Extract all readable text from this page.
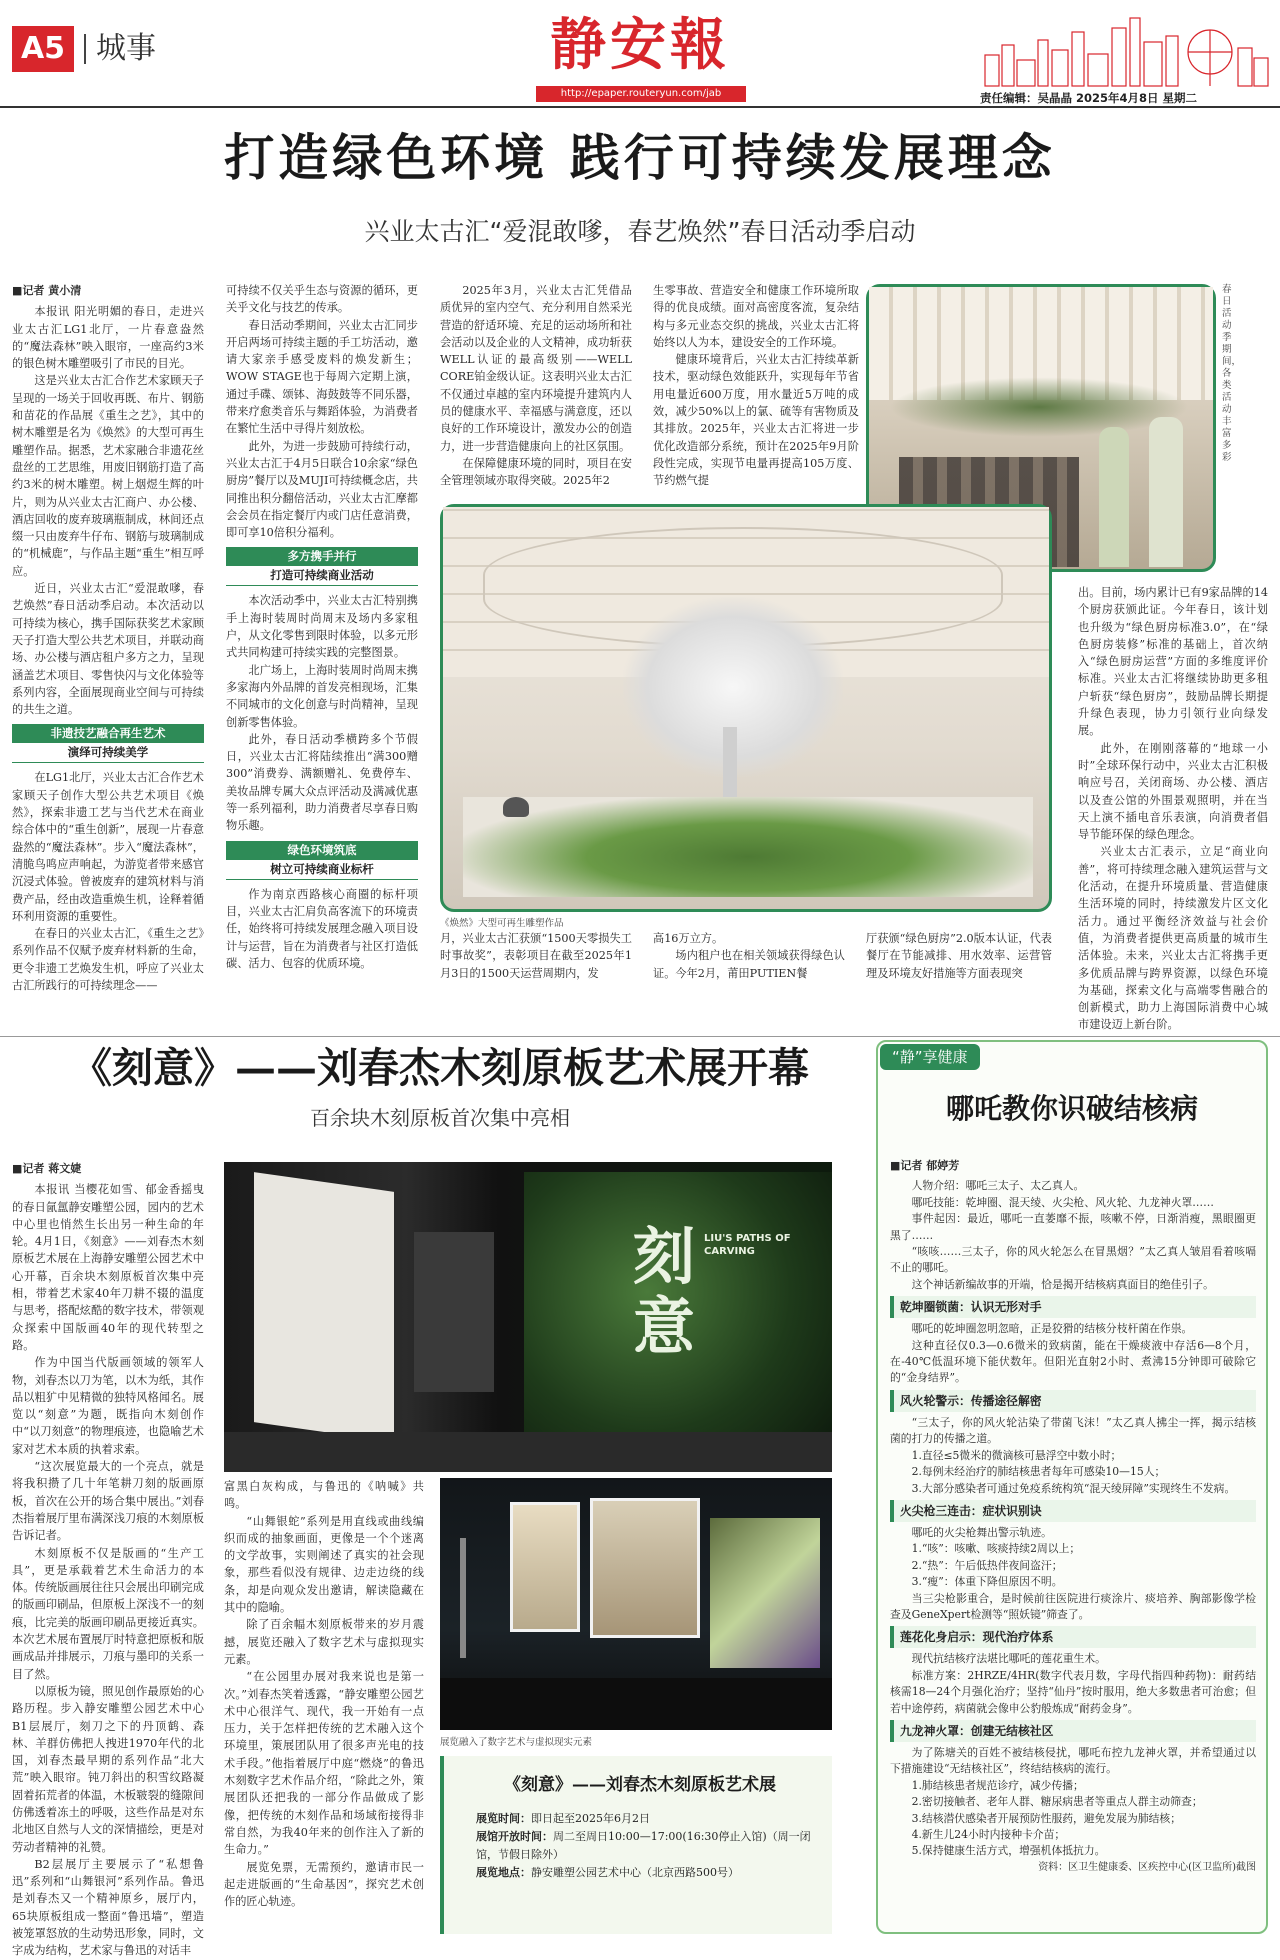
A5 城事	静安報
http://epaper.routeryun.com/jab	责任编辑：吴晶晶 2025年4月8日 星期二
打造绿色环境 践行可持续发展理念
兴业太古汇“爱混敢嗲，春艺焕然”春日活动季启动
■记者 黄小清

本报讯 阳光明媚的春日，走进兴业太古汇LG1北厅，一片春意盎然的“魔法森林”映入眼帘，一座高约3米的银色树木雕塑吸引了市民的目光。

这是兴业太古汇合作艺术家顾天子呈现的一场关于回收再既、布片、钢筋和苗花的作品展《重生之艺》，其中的树木雕塑是名为《焕然》的大型可再生雕塑作品。据悉，艺术家融合非遗花丝盘丝的工艺思维，用废旧钢筋打造了高约3米的树木雕塑。树上烟煜生辉的叶片，则为从兴业太古汇商户、办公楼、酒店回收的废弃玻璃瓶制成，林间还点缀一只由废弃牛仔布、钢筋与玻璃制成的“机械鹿”，与作品主题“重生”相互呼应。

近日，兴业太古汇“爱混敢嗲，春艺焕然”春日活动季启动。本次活动以可持续为核心，携手国际获奖艺术家顾天子打造大型公共艺术项目，并联动商场、办公楼与酒店租户多方之力，呈现涵盖艺术项目、零售快闪与文化体验等系列内容，全面展现商业空间与可持续的共生之道。

非遗技艺融合再生艺术
演绎可持续美学

在LG1北厅，兴业太古汇合作艺术家顾天子创作大型公共艺术项目《焕然》，探索非遗工艺与当代艺术在商业综合体中的“重生创新”，展现一片春意盎然的“魔法森林”。步入“魔法森林”，清脆鸟鸣应声响起，为游览者带来感官沉浸式体验。曾被废弃的建筑材料与消费产品，经由改造重焕生机，诠释着循环利用资源的重要性。

在春日的兴业太古汇，《重生之艺》系列作品不仅赋予废弃材料新的生命，更令非遗工艺焕发生机，呼应了兴业太古汇所践行的可持续理念——

可持续不仅关乎生态与资源的循环，更关乎文化与技艺的传承。

春日活动季期间，兴业太古汇同步开启两场可持续主题的手工坊活动，邀请大家亲手感受废料的焕发新生；WOW STAGE也于每周六定期上演，通过手碟、颂钵、海鼓鼓等不同乐器，带来疗愈类音乐与舞蹈体验，为消费者在繁忙生活中寻得片刻放松。

此外，为进一步鼓励可持续行动，兴业太古汇于4月5日联合10余家“绿色厨房”餐厅以及MUJI可持续概念店，共同推出积分翻倍活动，兴业太古汇摩都会会员在指定餐厅内或门店任意消费，即可享10倍积分福利。

多方携手并行
打造可持续商业活动

本次活动季中，兴业太古汇特别携手上海时装周时尚周末及场内多家租户，从文化零售到限时体验，以多元形式共同构建可持续实践的完整图景。

北广场上，上海时装周时尚周末携多家海内外品牌的首发亮相现场，汇集不同城市的文化创意与时尚精神，呈现创新零售体验。

此外，春日活动季横跨多个节假日，兴业太古汇将陆续推出“满300赠300”消费券、满额赠礼、免费停车、美妆品牌专属大众点评活动及满减优惠等一系列福利，助力消费者尽享春日购物乐趣。

绿色环境筑底
树立可持续商业标杆

作为南京西路核心商圈的标杆项目，兴业太古汇肩负高客流下的环境责任，始终将可持续发展理念融入项目设计与运营，旨在为消费者与社区打造低碳、活力、包容的优质环境。

2025年3月，兴业太古汇凭借品质优异的室内空气、充分利用自然采光营造的舒适环境、充足的运动场所和社会活动以及企业的人文精神，成功斩获WELL认证的最高级别——WELL CORE铂金级认证。这表明兴业太古汇不仅通过卓越的室内环境提升建筑内人员的健康水平、幸福感与满意度，还以良好的工作环境设计，激发办公的创造力，进一步营造健康向上的社区氛围。

在保障健康环境的同时，项目在安全管理领域亦取得突破。2025年2

生零事故、营造安全和健康工作环境所取得的优良成绩。面对高密度客流，复杂结构与多元业态交织的挑战，兴业太古汇将始终以人为本，建设安全的工作环境。

健康环境背后，兴业太古汇持续革新技术，驱动绿色效能跃升，实现每年节省用电量近600万度，用水量近5万吨的成效，减少50%以上的氯、硫等有害物质及其排放。2025年，兴业太古汇将进一步优化改造部分系统，预计在2025年9月阶段性完成，实现节电量再提高105万度、节约燃气提

春日活动季期间，各类活动丰富多彩
《焕然》大型可再生雕塑作品

月，兴业太古汇获颁“1500天零损失工时事故奖”，表彰项目在截至2025年1月3日的1500天运营周期内，发

高16万立方。

场内租户也在相关领域获得绿色认证。今年2月，莆田PUTIEN餐

厅获颁“绿色厨房”2.0版本认证，代表餐厅在节能减排、用水效率、运营管理及环境友好措施等方面表现突

出。目前，场内累计已有9家品牌的14个厨房获颁此证。今年春日，该计划也升级为“绿色厨房标准3.0”，在“绿色厨房装修”标准的基础上，首次纳入“绿色厨房运营”方面的多维度评价标准。兴业太古汇将继续协助更多租户斩获“绿色厨房”，鼓励品牌长期提升绿色表现，协力引领行业向绿发展。

此外，在刚刚落幕的“地球一小时”全球环保行动中，兴业太古汇积极响应号召，关闭商场、办公楼、酒店以及查公馆的外围景观照明，并在当天上演不插电音乐表演，向消费者倡导节能环保的绿色理念。

兴业太古汇表示，立足“商业向善”，将可持续理念融入建筑运营与文化活动，在提升环境质量、营造健康生活环境的同时，持续激发片区文化活力。通过平衡经济效益与社会价值，为消费者提供更高质量的城市生活体验。未来，兴业太古汇将携手更多优质品牌与跨界资源，以绿色环境为基础，探索文化与高端零售融合的创新模式，助力上海国际消费中心城市建设迈上新台阶。

《刻意》——刘春杰木刻原板艺术展开幕
百余块木刻原板首次集中亮相
■记者 蒋文婕

本报讯 当樱花如雪、郁金香摇曳的春日氤氲静安雕塑公园，园内的艺术中心里也悄然生长出另一种生命的年轮。4月1日，《刻意》——刘春杰木刻原板艺术展在上海静安雕塑公园艺术中心开幕，百余块木刻原板首次集中亮相，带着艺术家40年刀耕不辍的温度与思考，搭配炫酷的数字技术，带领观众探索中国版画40年的现代转型之路。

作为中国当代版画领域的领军人物，刘春杰以刀为笔，以木为纸，其作品以粗犷中见精微的独特风格闻名。展览以“刻意”为题，既指向木刻创作中“以刀刻意”的物理痕迹，也隐喻艺术家对艺术本质的执着求索。

“这次展览最大的一个亮点，就是将我积攒了几十年笔耕刀刻的版画原板，首次在公开的场合集中展出。”刘春杰指着展厅里布满深浅刀痕的木刻原板告诉记者。

木刻原板不仅是版画的“生产工具”，更是承载着艺术生命活力的本体。传统版画展往往只会展出印刷完成的版画印刷品，但原板上深浅不一的刻痕，比完美的版画印刷品更接近真实。本次艺术展布置展厅时特意把原板和版画成品并排展示，刀痕与墨印的关系一目了然。

以原板为镜，照见创作最原始的心路历程。步入静安雕塑公园艺术中心B1层展厅，刻刀之下的丹顶鹤、森林、羊群仿佛把人拽进1970年代的北国，刘春杰最早期的系列作品“北大荒”映入眼帘。钝刀斜出的积雪纹路凝固着拓荒者的体温，木板皲裂的缝隙间仿佛透着冻土的呼吸，这些作品是对东北地区自然与人文的深情描绘，更是对劳动者精神的礼赞。

B2层展厅主要展示了“私想鲁迅”系列和“山舞银河”系列作品。鲁迅是刘春杰又一个精神原乡，展厅内，65块原板组成一整面“鲁迅墙”，塑造被笼罩怒放的生动势迅形象，同时，文字成为结构，艺术家与鲁迅的对话丰

刻意
LIU'S PATHS OF CARVING
展览融入了数字艺术与虚拟现实元素

富黑白灰构成，与鲁迅的《呐喊》共鸣。

“山舞银蛇”系列是用直线或曲线编织而成的抽象画面，更像是一个个迷离的文学故事，实则阐述了真实的社会现象，那些看似没有规律、边走边绕的线条，却是向观众发出邀请，解读隐藏在其中的隐喻。

除了百余幅木刻原板带来的岁月震撼，展览还融入了数字艺术与虚拟现实元素。

“在公园里办展对我来说也是第一次。”刘春杰笑着透露，“静安雕塑公园艺术中心很洋气、现代，我一开始有一点压力，关于怎样把传统的艺术融入这个环境里，策展团队用了很多声光电的技术手段。”他指着展厅中庭“燃烧”的鲁迅木刻数字艺术作品介绍，“除此之外，策展团队还把我的一部分作品做成了影像，把传统的木刻作品和场域衔接得非常自然，为我40年来的创作注入了新的生命力。”

展览免票，无需预约，邀请市民一起走进版画的“生命基因”，探究艺术创作的匠心轨迹。

《刻意》——刘春杰木刻原板艺术展
展览时间：即日起至2025年6月2日
展馆开放时间：周二至周日10:00—17:00(16:30停止入馆)（周一闭馆，节假日除外）
展览地点：静安雕塑公园艺术中心（北京西路500号）
“静”享健康
哪吒教你识破结核病
■记者 郁婷芳

人物介绍：哪吒三太子、太乙真人。

哪吒技能：乾坤圈、混天绫、火尖枪、风火轮、九龙神火罩……

事件起因：最近，哪吒一直萎靡不振，咳嗽不停，日渐消瘦，黑眼圈更黑了……

“咳咳……三太子，你的风火轮怎么在冒黑烟？”太乙真人皱眉看着咳嗝不止的哪吒。

这个神话新编故事的开端，恰是揭开结核病真面目的绝佳引子。

乾坤圈锁菌：认识无形对手

哪吒的乾坤圈忽明忽暗，正是狡猾的结核分枝杆菌在作祟。

这种直径仅0.3—0.6微米的致病菌，能在干燥痰液中存活6—8个月，在-40℃低温环境下能伏数年。但阳光直射2小时、煮沸15分钟即可破除它的“金身结界”。

风火轮警示：传播途径解密

“三太子，你的风火轮沾染了带菌飞沫！”太乙真人拂尘一挥，揭示结核菌的打力的传播之道。

1.直径≤5微米的微滴核可悬浮空中数小时；

2.每例未经治疗的肺结核患者每年可感染10—15人；

3.大部分感染者可通过免疫系统构筑“混天绫屏障”实现终生不发病。

火尖枪三连击：症状识别诀

哪吒的火尖枪舞出警示轨迹。

1.“咳”：咳嗽、咳痰持续2周以上；

2.“热”：午后低热伴夜间盗汗；

3.“瘦”：体重下降但原因不明。

当三尖枪影重合，是时候前往医院进行痰涂片、痰培养、胸部影像学检查及GeneXpert检测等“照妖镜”筛查了。

莲花化身启示：现代治疗体系

现代抗结核疗法堪比哪吒的莲花重生术。

标准方案：2HRZE/4HR(数字代表月数，字母代指四种药物)：耐药结核需18—24个月强化治疗；坚持“仙丹”按时服用，绝大多数患者可治愈；但若中途停药，病菌就会像申公豹般炼成“耐药金身”。

九龙神火罩：创建无结核社区

为了陈塘关的百姓不被结核侵扰，哪吒布控九龙神火罩，并希望通过以下措施建设“无结核社区”，终结结核病的流行。

1.肺结核患者规范诊疗，减少传播；

2.密切接触者、老年人群、糖尿病患者等重点人群主动筛查；

3.结核潜伏感染者开展预防性服药，避免发展为肺结核；

4.新生儿24小时内接种卡介苗；

5.保持健康生活方式，增强机体抵抗力。

资料：区卫生健康委、区疾控中心(区卫监所)截图
